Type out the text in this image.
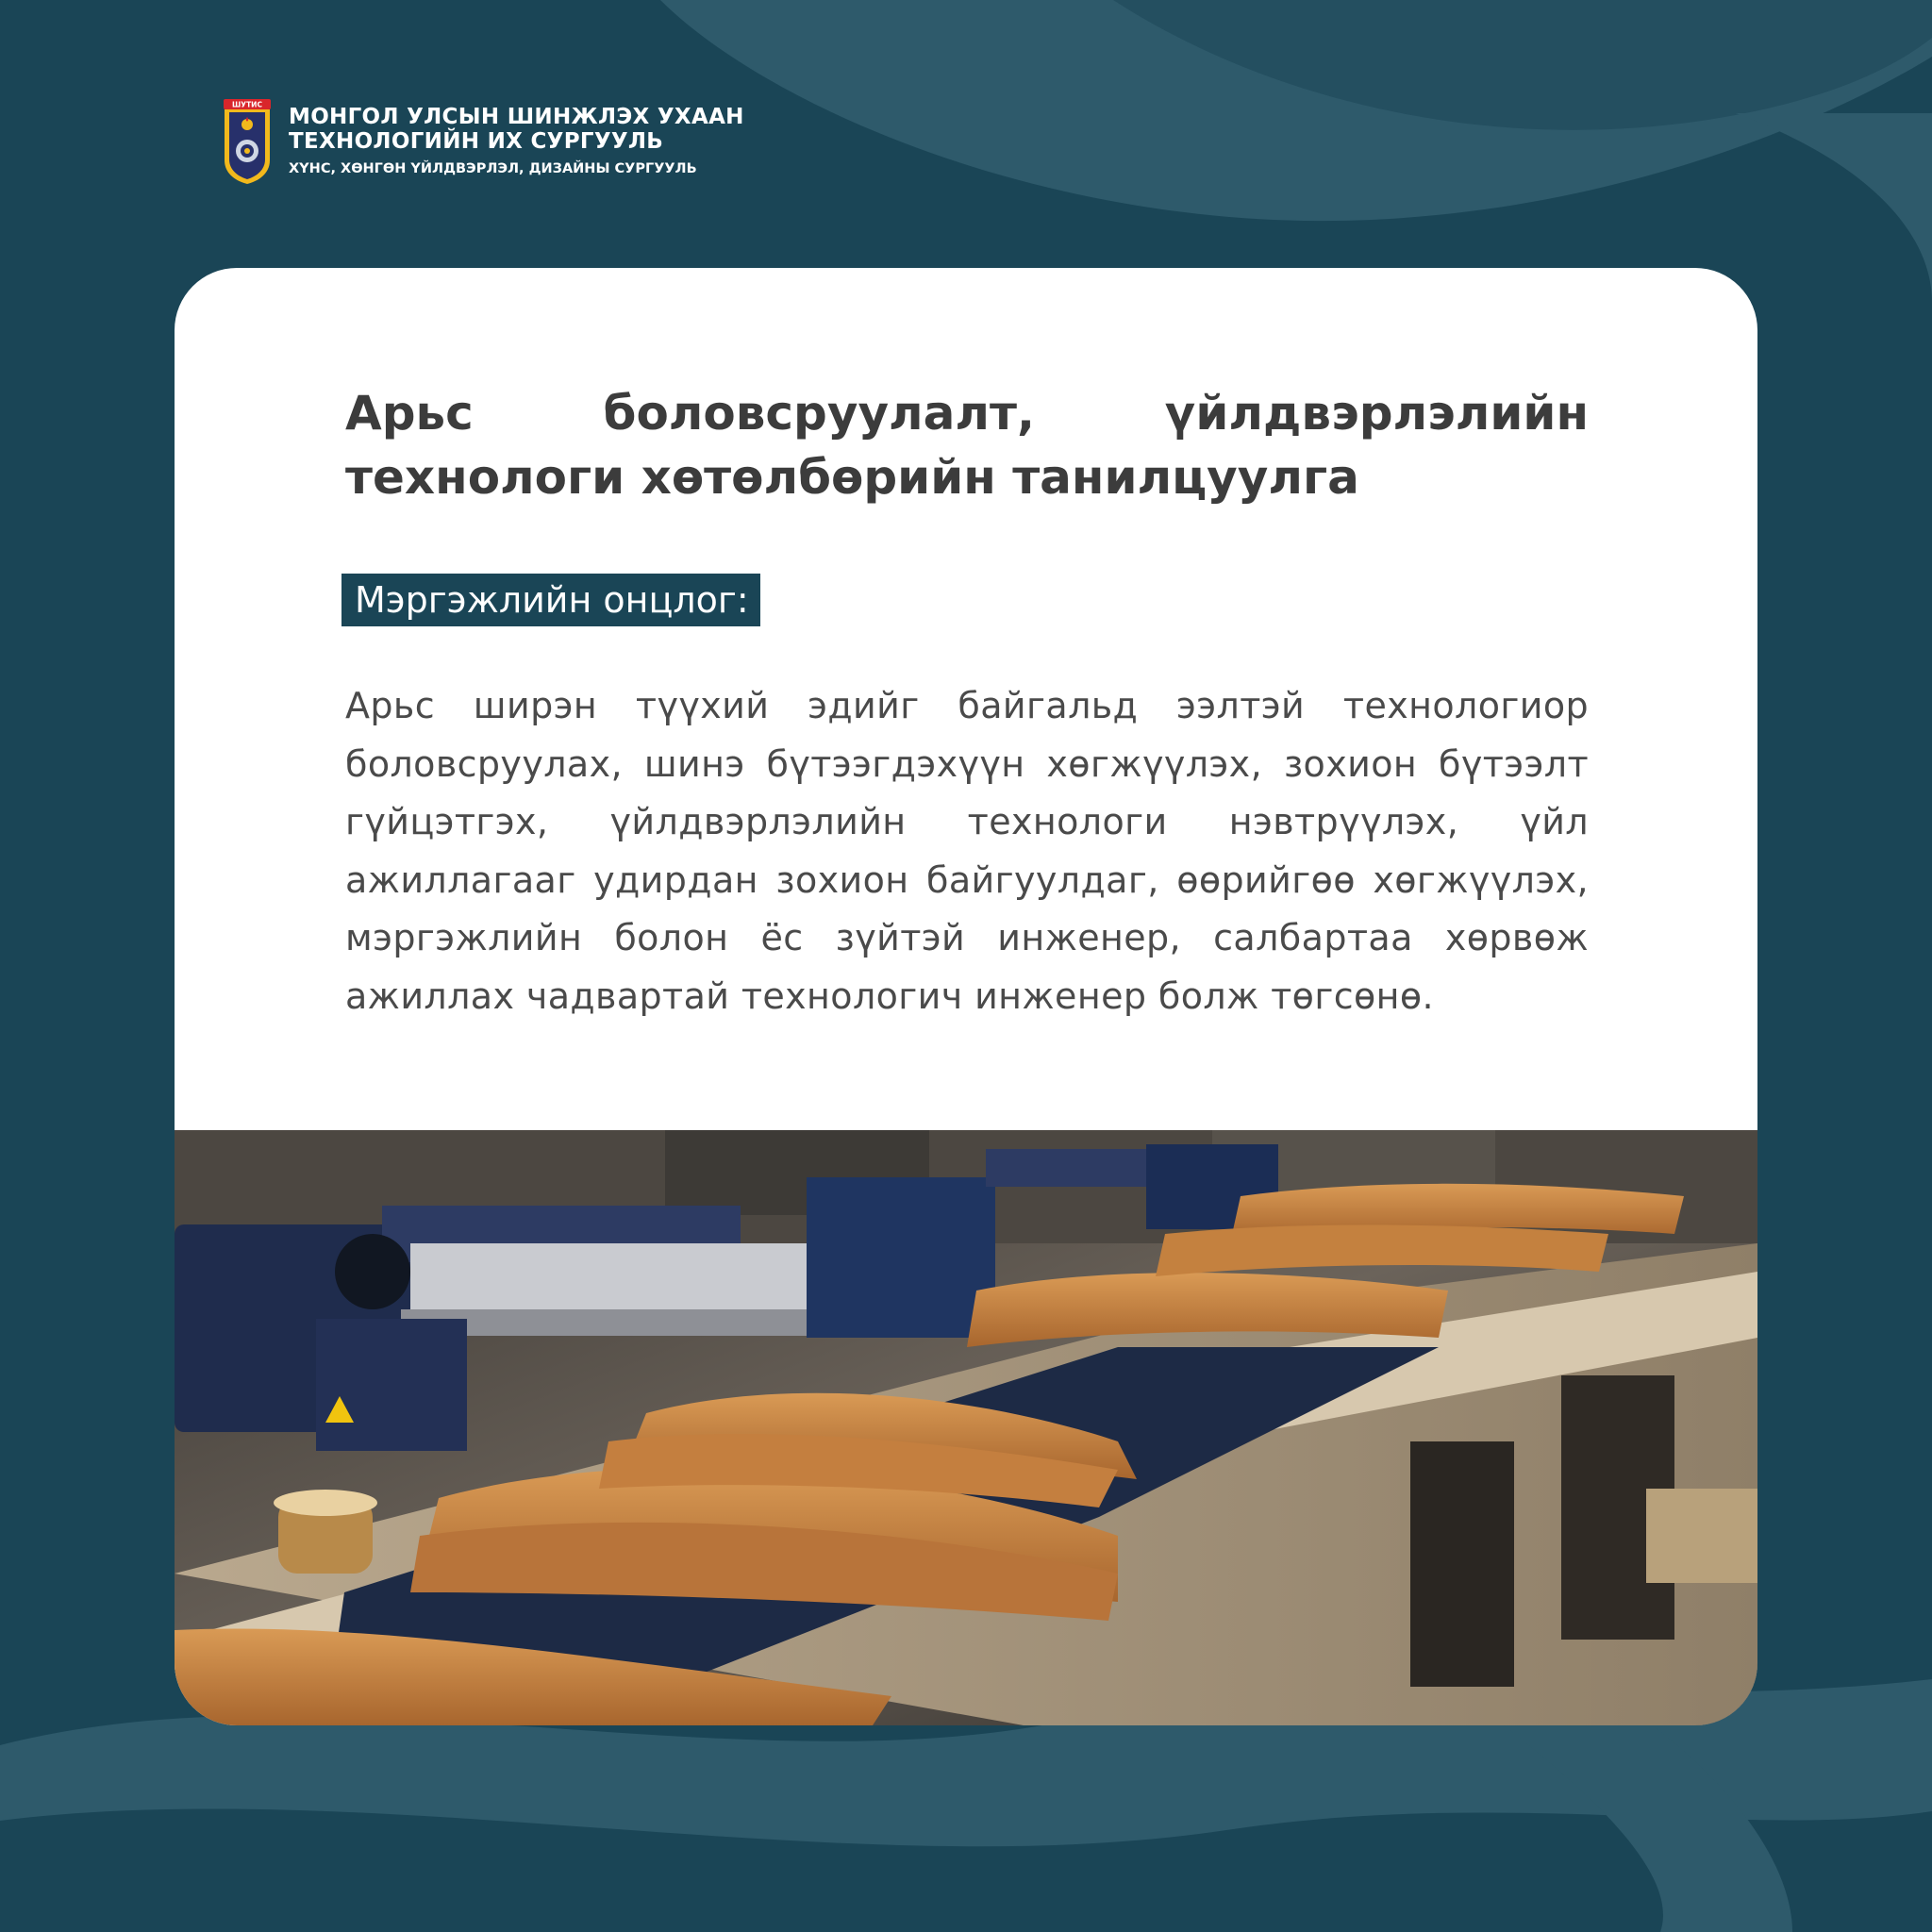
ШУТИС МОНГОЛ УЛСЫН ШИНЖЛЭХ УХААН
ТЕХНОЛОГИЙН ИХ СУРГУУЛЬ
ХҮНС, ХӨНГӨН ҮЙЛДВЭРЛЭЛ, ДИЗАЙНЫ СУРГУУЛЬ
Арьс боловсруулалт, үйлдвэрлэлийн технологи хөтөлбөрийн танилцуулга
Мэргэжлийн онцлог:

Арьс ширэн түүхий эдийг байгальд ээлтэй технологиор боловсруулах, шинэ бүтээгдэхүүн хөгжүүлэх, зохион бүтээлт гүйцэтгэх, үйлдвэрлэлийн технологи нэвтрүүлэх, үйл ажиллагааг удирдан зохион байгуулдаг, өөрийгөө хөгжүүлэх, мэргэжлийн болон ёс зүйтэй инженер, салбартаа хөрвөж ажиллах чадвартай технологич инженер болж төгсөнө.
